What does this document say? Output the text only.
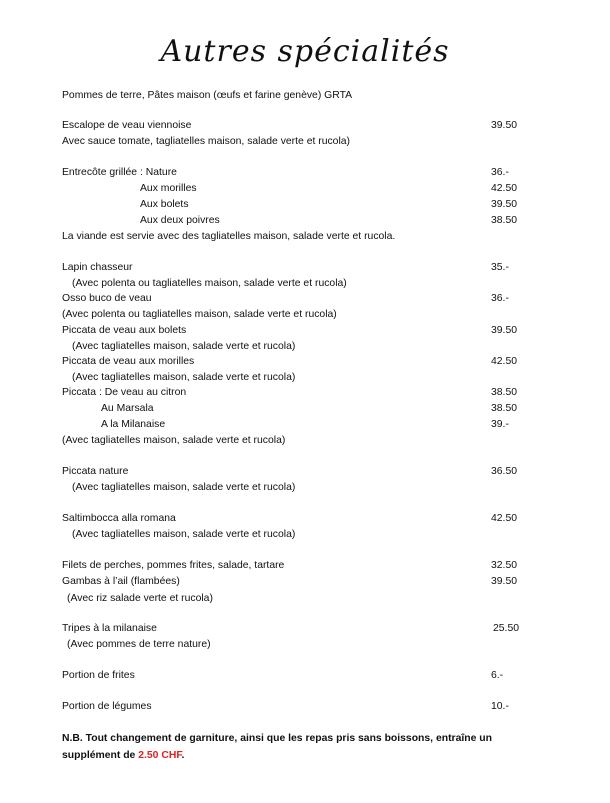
Autres spécialités
Pommes de terre, Pâtes maison (œufs et farine genève) GRTA
Escalope de veau viennoise	39.50
Avec sauce tomate, tagliatelles maison, salade verte et rucola)
Entrecôte grillée : Nature	36.-
Aux morilles	42.50
Aux bolets	39.50
Aux deux poivres	38.50
La viande est servie avec des tagliatelles maison, salade verte et rucola.
Lapin chasseur	35.-
(Avec polenta ou tagliatelles maison, salade verte et rucola)
Osso buco de veau	36.-
(Avec polenta ou tagliatelles maison, salade verte et rucola)
Piccata de veau aux bolets	39.50
(Avec tagliatelles maison, salade verte et rucola)
Piccata de veau aux morilles	42.50
(Avec tagliatelles maison, salade verte et rucola)
Piccata : De veau au citron	38.50
Au Marsala	38.50
A la Milanaise	39.-
(Avec tagliatelles maison, salade verte et rucola)
Piccata nature	36.50
(Avec tagliatelles maison, salade verte et rucola)
Saltimbocca alla romana	42.50
(Avec tagliatelles maison, salade verte et rucola)
Filets de perches, pommes frites, salade, tartare	32.50
Gambas à l’ail (flambées)	39.50
(Avec riz salade verte et rucola)
Tripes à la milanaise	25.50
(Avec pommes de terre nature)
Portion de frites	6.-
Portion de légumes	10.-
N.B. Tout changement de garniture, ainsi que les repas pris sans boissons, entraîne un supplément de 2.50 CHF.
